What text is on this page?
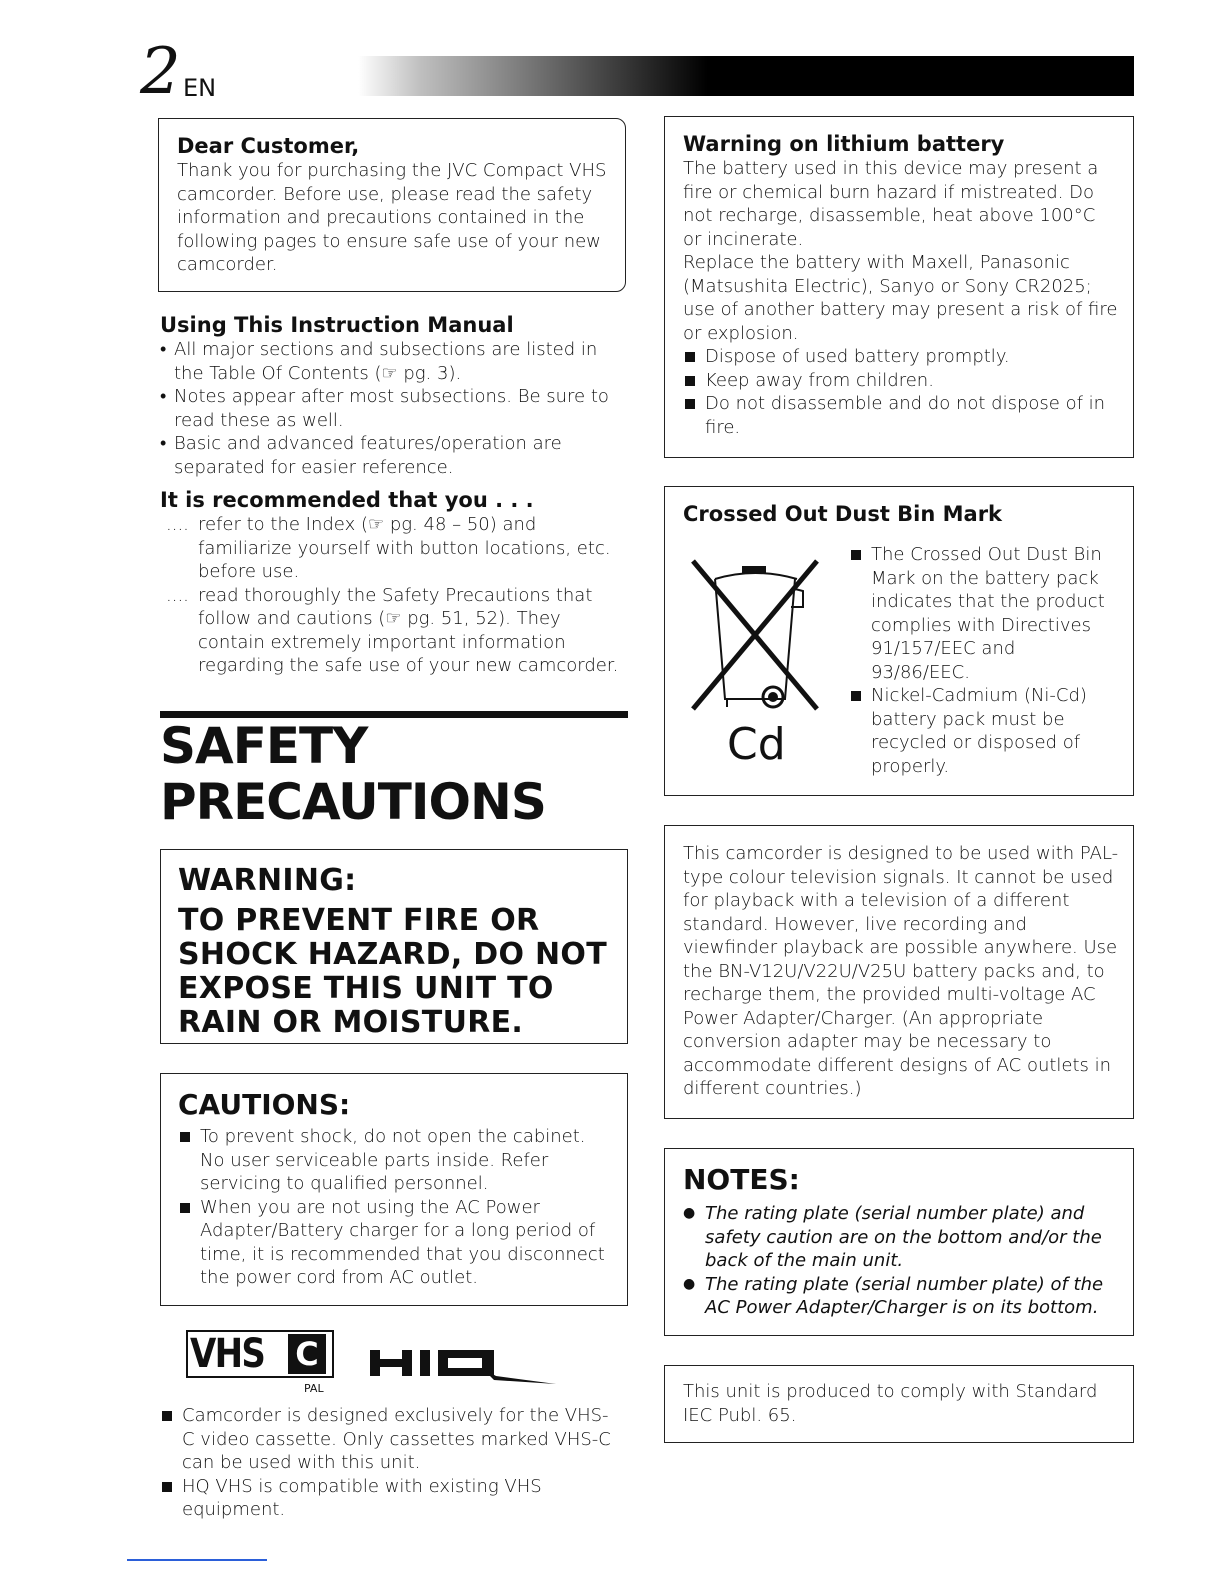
2 EN

Dear Customer,

Thank you for purchasing the JVC Compact VHS camcorder. Before use, please read the safety information and precautions contained in the following pages to ensure safe use of your new camcorder.

Using This Instruction Manual

• All major sections and subsections are listed in the Table Of Contents (☞ pg. 3).
• Notes appear after most subsections. Be sure to read these as well.
• Basic and advanced features/operation are separated for easier reference.

It is recommended that you . . .

.... refer to the Index (☞ pg. 48 – 50) and familiarize yourself with button locations, etc. before use.
.... read thoroughly the Safety Precautions that follow and cautions (☞ pg. 51, 52). They contain extremely important information regarding the safe use of your new camcorder.
SAFETY
PRECAUTIONS
WARNING:
TO PREVENT FIRE OR SHOCK HAZARD, DO NOT EXPOSE THIS UNIT TO RAIN OR MOISTURE.

CAUTIONS:

To prevent shock, do not open the cabinet. No user serviceable parts inside. Refer servicing to qualified personnel.
When you are not using the AC Power Adapter/Battery charger for a long period of time, it is recommended that you disconnect the power cord from AC outlet.
VHS C
PAL
Camcorder is designed exclusively for the VHS-C video cassette. Only cassettes marked VHS-C can be used with this unit.
HQ VHS is compatible with existing VHS equipment.

Warning on lithium battery

The battery used in this device may present a fire or chemical burn hazard if mistreated. Do not recharge, disassemble, heat above 100°C or incinerate.

Replace the battery with Maxell, Panasonic (Matsushita Electric), Sanyo or Sony CR2025; use of another battery may present a risk of fire or explosion.

Dispose of used battery promptly.
Keep away from children.
Do not disassemble and do not dispose of in fire.

Crossed Out Dust Bin Mark

Cd
The Crossed Out Dust Bin Mark on the battery pack indicates that the product complies with Directives 91/157/EEC and 93/86/EEC.
Nickel-Cadmium (Ni-Cd) battery pack must be recycled or disposed of properly.

This camcorder is designed to be used with PAL-type colour television signals. It cannot be used for playback with a television of a different standard. However, live recording and viewfinder playback are possible anywhere. Use the BN-V12U/V22U/V25U battery packs and, to recharge them, the provided multi-voltage AC Power Adapter/Charger. (An appropriate conversion adapter may be necessary to accommodate different designs of AC outlets in different countries.)

NOTES:

● The rating plate (serial number plate) and safety caution are on the bottom and/or the back of the main unit.
● The rating plate (serial number plate) of the AC Power Adapter/Charger is on its bottom.

This unit is produced to comply with Standard IEC Publ. 65.
